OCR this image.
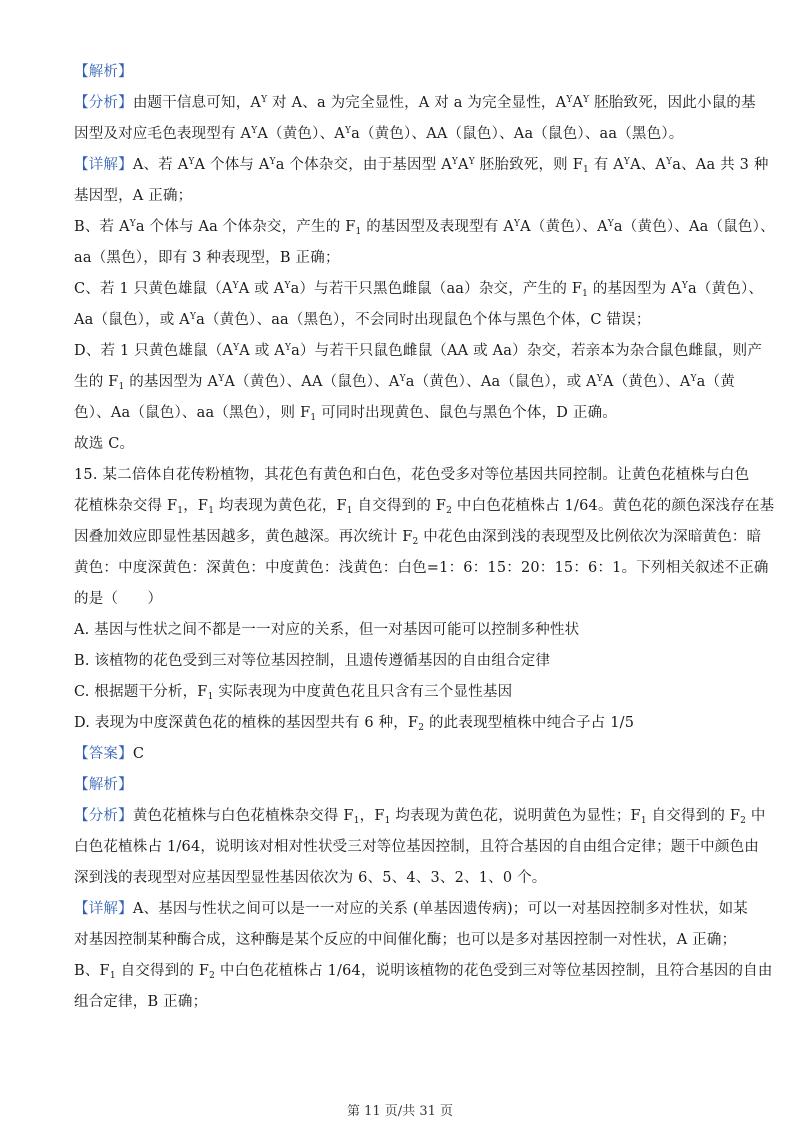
【解析】
【分析】由题干信息可知，$A^Y$ 对 A、a 为完全显性，A 对 a 为完全显性，$A^YA^Y$ 胚胎致死，因此小鼠的基
因型及对应毛色表现型有 $A^YA$（黄色）、$A^Ya$（黄色）、AA（鼠色）、Aa（鼠色）、aa（黑色）。
【详解】A、若 $A^YA$ 个体与 $A^Ya$ 个体杂交，由于基因型 $A^YA^Y$ 胚胎致死，则 $F_1$ 有 $A^YA$、$A^Ya$、Aa 共 3 种
基因型，A 正确；
B、若 $A^Ya$ 个体与 Aa 个体杂交，产生的 $F_1$ 的基因型及表现型有 $A^YA$（黄色）、$A^Ya$（黄色）、Aa（鼠色）、
aa（黑色），即有 3 种表现型，B 正确；
C、若 1 只黄色雄鼠（$A^YA$ 或 $A^Ya$）与若干只黑色雌鼠（aa）杂交，产生的 $F_1$ 的基因型为 $A^Ya$（黄色）、
Aa（鼠色），或 $A^Ya$（黄色）、aa（黑色），不会同时出现鼠色个体与黑色个体，C 错误；
D、若 1 只黄色雄鼠（$A^YA$ 或 $A^Ya$）与若干只鼠色雌鼠（AA 或 Aa）杂交，若亲本为杂合鼠色雌鼠，则产
生的 $F_1$ 的基因型为 $A^YA$（黄色）、AA（鼠色）、$A^Ya$（黄色）、Aa（鼠色），或 $A^YA$（黄色）、$A^Ya$（黄
色）、Aa（鼠色）、aa（黑色），则 $F_1$ 可同时出现黄色、鼠色与黑色个体，D 正确。
故选 C。
15. 某二倍体自花传粉植物，其花色有黄色和白色，花色受多对等位基因共同控制。让黄色花植株与白色
花植株杂交得 $F_1$，$F_1$ 均表现为黄色花，$F_1$ 自交得到的 $F_2$ 中白色花植株占 1/64。黄色花的颜色深浅存在基
因叠加效应即显性基因越多，黄色越深。再次统计 $F_2$ 中花色由深到浅的表现型及比例依次为深暗黄色：暗
黄色：中度深黄色：深黄色：中度黄色：浅黄色：白色=1：6：15：20：15：6：1。下列相关叙述不正确
的是（　　）
A. 基因与性状之间不都是一一对应的关系，但一对基因可能可以控制多种性状
B. 该植物的花色受到三对等位基因控制，且遗传遵循基因的自由组合定律
C. 根据题干分析，$F_1$ 实际表现为中度黄色花且只含有三个显性基因
D. 表现为中度深黄色花的植株的基因型共有 6 种，$F_2$ 的此表现型植株中纯合子占 1/5
【答案】C
【解析】
【分析】黄色花植株与白色花植株杂交得 $F_1$，$F_1$ 均表现为黄色花，说明黄色为显性；$F_1$ 自交得到的 $F_2$ 中
白色花植株占 1/64，说明该对相对性状受三对等位基因控制，且符合基因的自由组合定律；题干中颜色由
深到浅的表现型对应基因型显性基因依次为 6、5、4、3、2、1、0 个。
【详解】A、基因与性状之间可以是一一对应的关系 (单基因遗传病)；可以一对基因控制多对性状，如某
对基因控制某种酶合成，这种酶是某个反应的中间催化酶；也可以是多对基因控制一对性状，A 正确；
B、$F_1$ 自交得到的 $F_2$ 中白色花植株占 1/64，说明该植物的花色受到三对等位基因控制，且符合基因的自由
组合定律，B 正确；
第 11 页/共 31 页
